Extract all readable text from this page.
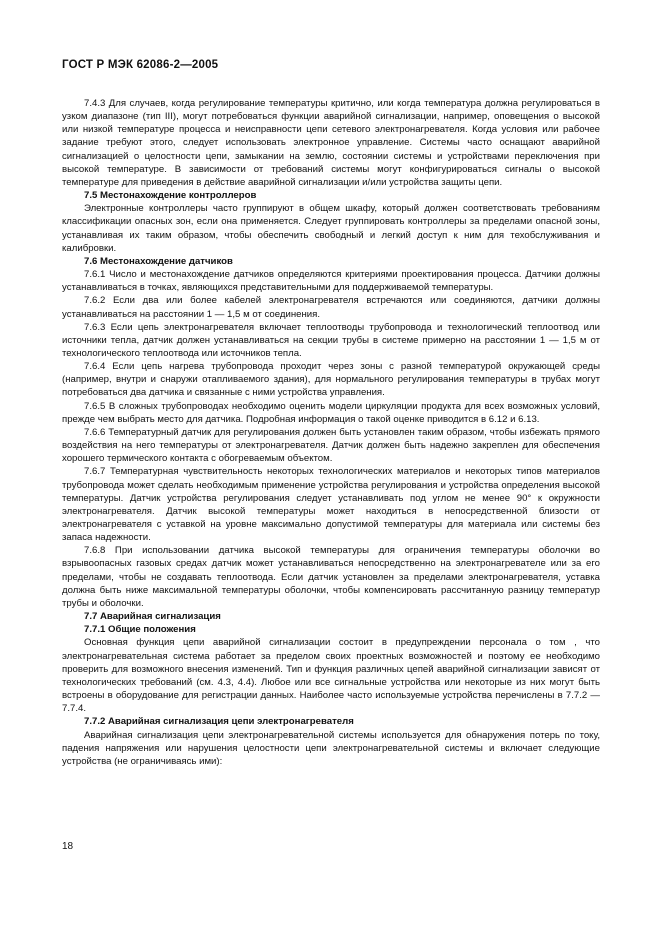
ГОСТ Р МЭК 62086-2—2005

7.4.3 Для случаев, когда регулирование температуры критично, или когда температура должна регулироваться в узком диапазоне (тип III), могут потребоваться функции аварийной сигнализации, например, оповещения о высокой или низкой температуре процесса и неисправности цепи сетевого электронагревателя. Когда условия или рабочее задание требуют этого, следует использовать электронное управление. Системы часто оснащают аварийной сигнализацией о целостности цепи, замыкании на землю, состоянии системы и устройствами переключения при высокой температуре. В зависимости от требований системы могут конфигурироваться сигналы о высокой температуре для приведения в действие аварийной сигнализации и/или устройства защиты цепи.

7.5 Местонахождение контроллеров

Электронные контроллеры часто группируют в общем шкафу, который должен соответствовать требованиям классификации опасных зон, если она применяется. Следует группировать контроллеры за пределами опасной зоны, устанавливая их таким образом, чтобы обеспечить свободный и легкий доступ к ним для техобслуживания и калибровки.

7.6 Местонахождение датчиков

7.6.1 Число и местонахождение датчиков определяются критериями проектирования процесса. Датчики должны устанавливаться в точках, являющихся представительными для поддерживаемой температуры.

7.6.2 Если два или более кабелей электронагревателя встречаются или соединяются, датчики должны устанавливаться на расстоянии 1 — 1,5 м от соединения.

7.6.3 Если цепь электронагревателя включает теплоотводы трубопровода и технологический теплоотвод или источники тепла, датчик должен устанавливаться на секции трубы в системе примерно на расстоянии 1 — 1,5 м от технологического теплоотвода или источников тепла.

7.6.4 Если цепь нагрева трубопровода проходит через зоны с разной температурой окружающей среды (например, внутри и снаружи отапливаемого здания), для нормального регулирования температуры в трубах могут потребоваться два датчика и связанные с ними устройства управления.

7.6.5 В сложных трубопроводах необходимо оценить модели циркуляции продукта для всех возможных условий, прежде чем выбрать место для датчика. Подробная информация о такой оценке приводится в 6.12 и 6.13.

7.6.6 Температурный датчик для регулирования должен быть установлен таким образом, чтобы избежать прямого воздействия на него температуры от электронагревателя. Датчик должен быть надежно закреплен для обеспечения хорошего термического контакта с обогреваемым объектом.

7.6.7 Температурная чувствительность некоторых технологических материалов и некоторых типов материалов трубопровода может сделать необходимым применение устройства регулирования и устройства определения высокой температуры. Датчик устройства регулирования следует устанавливать под углом не менее 90° к окружности электронагревателя. Датчик высокой температуры может находиться в непосредственной близости от электронагревателя с уставкой на уровне максимально допустимой температуры для материала или системы без запаса надежности.

7.6.8 При использовании датчика высокой температуры для ограничения температуры оболочки во взрывоопасных газовых средах датчик может устанавливаться непосредственно на электронагревателе или за его пределами, чтобы не создавать теплоотвода. Если датчик установлен за пределами электронагревателя, уставка должна быть ниже максимальной температуры оболочки, чтобы компенсировать рассчитанную разницу температур трубы и оболочки.

7.7 Аварийная сигнализация

7.7.1 Общие положения

Основная функция цепи аварийной сигнализации состоит в предупреждении персонала о том , что электронагревательная система работает за пределом своих проектных возможностей и поэтому ее необходимо проверить для возможного внесения изменений. Тип и функция различных цепей аварийной сигнализации зависят от технологических требований (см. 4.3, 4.4). Любое или все сигнальные устройства или некоторые из них могут быть встроены в оборудование для регистрации данных. Наиболее часто используемые устройства перечислены в 7.7.2 — 7.7.4.

7.7.2 Аварийная сигнализация цепи электронагревателя

Аварийная сигнализация цепи электронагревательной системы используется для обнаружения потерь по току, падения напряжения или нарушения целостности цепи электронагревательной системы и включает следующие устройства (не ограничиваясь ими):

18
